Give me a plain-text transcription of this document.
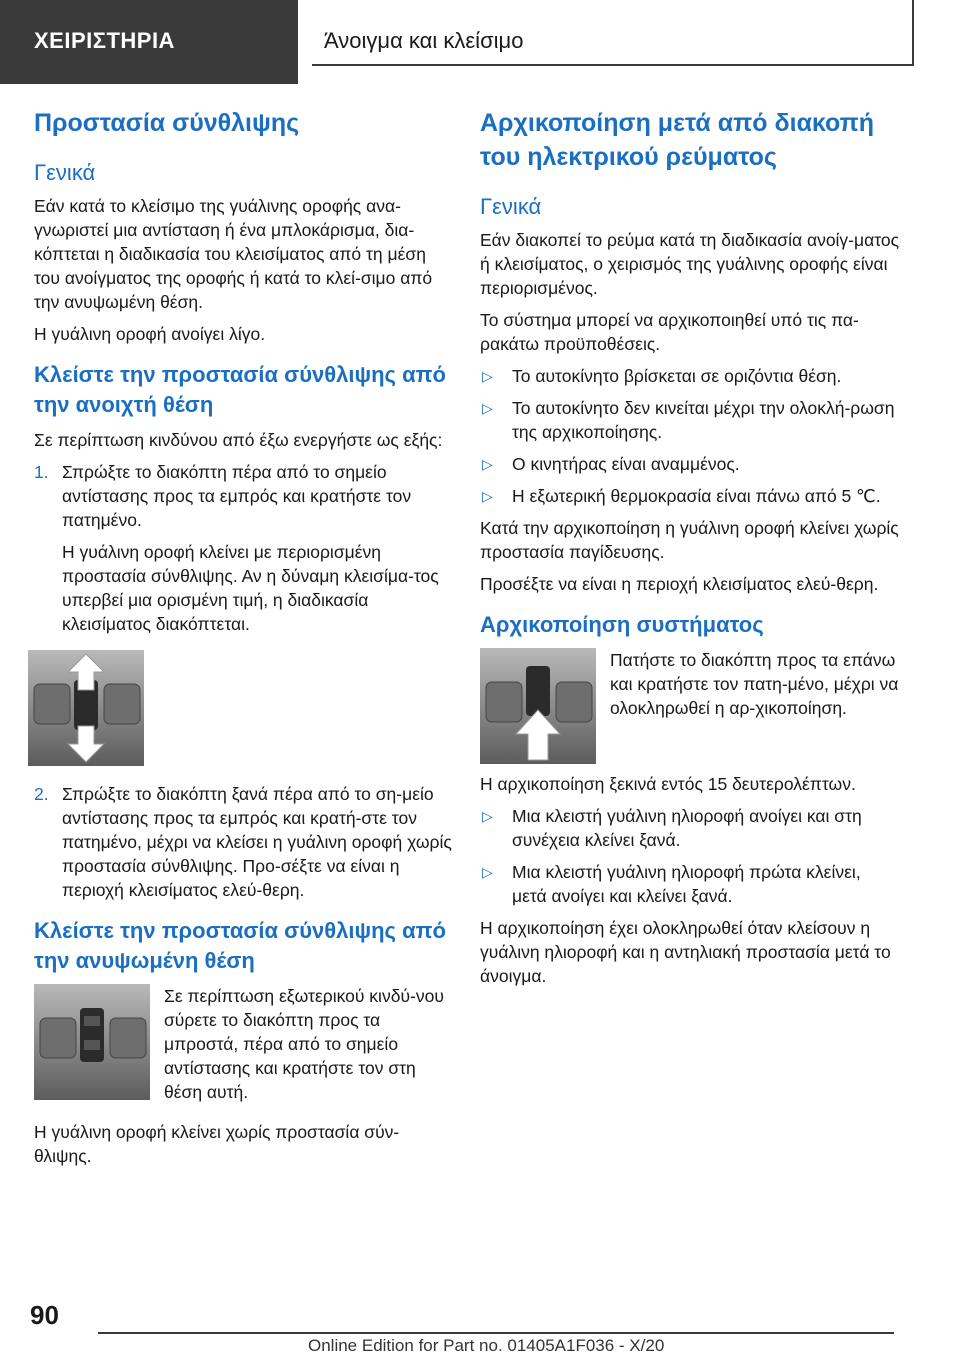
ΧΕΙΡΙΣΤΗΡΙΑ	Άνοιγμα και κλείσιμο
Προστασία σύνθλιψης
Γενικά

Εάν κατά το κλείσιμο της γυάλινης οροφής ανα-γνωριστεί μια αντίσταση ή ένα μπλοκάρισμα, δια-κόπτεται η διαδικασία του κλεισίματος από τη μέση του ανοίγματος της οροφής ή κατά το κλεί-σιμο από την ανυψωμένη θέση.

Η γυάλινη οροφή ανοίγει λίγο.

Κλείστε την προστασία σύνθλιψης από την ανοιχτή θέση

Σε περίπτωση κινδύνου από έξω ενεργήστε ως εξής:

1. Σπρώξτε το διακόπτη πέρα από το σημείο αντίστασης προς τα εμπρός και κρατήστε τον πατημένο.

Η γυάλινη οροφή κλείνει με περιορισμένη προστασία σύνθλιψης. Αν η δύναμη κλεισίμα-τος υπερβεί μια ορισμένη τιμή, η διαδικασία κλεισίματος διακόπτεται.

2. Σπρώξτε το διακόπτη ξανά πέρα από το ση-μείο αντίστασης προς τα εμπρός και κρατή-στε τον πατημένο, μέχρι να κλείσει η γυάλινη οροφή χωρίς προστασία σύνθλιψης. Προ-σέξτε να είναι η περιοχή κλεισίματος ελεύ-θερη.
Κλείστε την προστασία σύνθλιψης από την ανυψωμένη θέση

Σε περίπτωση εξωτερικού κινδύ-νου σύρετε το διακόπτη προς τα μπροστά, πέρα από το σημείο αντίστασης και κρατήστε τον στη θέση αυτή.

Η γυάλινη οροφή κλείνει χωρίς προστασία σύν-θλιψης.

Αρχικοποίηση μετά από διακοπή του ηλεκτρικού ρεύματος
Γενικά

Εάν διακοπεί το ρεύμα κατά τη διαδικασία ανοίγ-ματος ή κλεισίματος, ο χειρισμός της γυάλινης οροφής είναι περιορισμένος.

Το σύστημα μπορεί να αρχικοποιηθεί υπό τις πα-ρακάτω προϋποθέσεις.

▷ Το αυτοκίνητο βρίσκεται σε οριζόντια θέση.
▷ Το αυτοκίνητο δεν κινείται μέχρι την ολοκλή-ρωση της αρχικοποίησης.
▷ Ο κινητήρας είναι αναμμένος.
▷ Η εξωτερική θερμοκρασία είναι πάνω από 5 ℃.

Κατά την αρχικοποίηση η γυάλινη οροφή κλείνει χωρίς προστασία παγίδευσης.

Προσέξτε να είναι η περιοχή κλεισίματος ελεύ-θερη.

Αρχικοποίηση συστήματος

Πατήστε το διακόπτη προς τα επάνω και κρατήστε τον πατη-μένο, μέχρι να ολοκληρωθεί η αρ-χικοποίηση.

Η αρχικοποίηση ξεκινά εντός 15 δευτερολέπτων.

▷ Μια κλειστή γυάλινη ηλιοροφή ανοίγει και στη συνέχεια κλείνει ξανά.
▷ Μια κλειστή γυάλινη ηλιοροφή πρώτα κλείνει, μετά ανοίγει και κλείνει ξανά.

Η αρχικοποίηση έχει ολοκληρωθεί όταν κλείσουν η γυάλινη ηλιοροφή και η αντηλιακή προστασία μετά το άνοιγμα.

90
Online Edition for Part no. 01405A1F036 - X/20
